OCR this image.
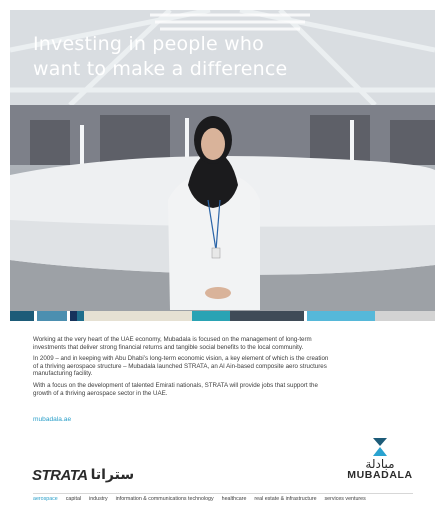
Investing in people who
want to make a difference

Working at the very heart of the UAE economy, Mubadala is focused on the management of long-term investments that deliver strong financial returns and tangible social benefits to the local community.

In 2009 – and in keeping with Abu Dhabi’s long-term economic vision, a key element of which is the creation of a thriving aerospace structure – Mubadala launched STRATA, an Al Ain-based composite aero structures manufacturing facility.

With a focus on the development of talented Emirati nationals, STRATA will provide jobs that support the growth of a thriving aerospace sector in the UAE.

mubadala.ae
STRATA ستراتا
مبادلة
MUBADALA
aerospace capital industry information & communications technology healthcare real estate & infrastructure services ventures
